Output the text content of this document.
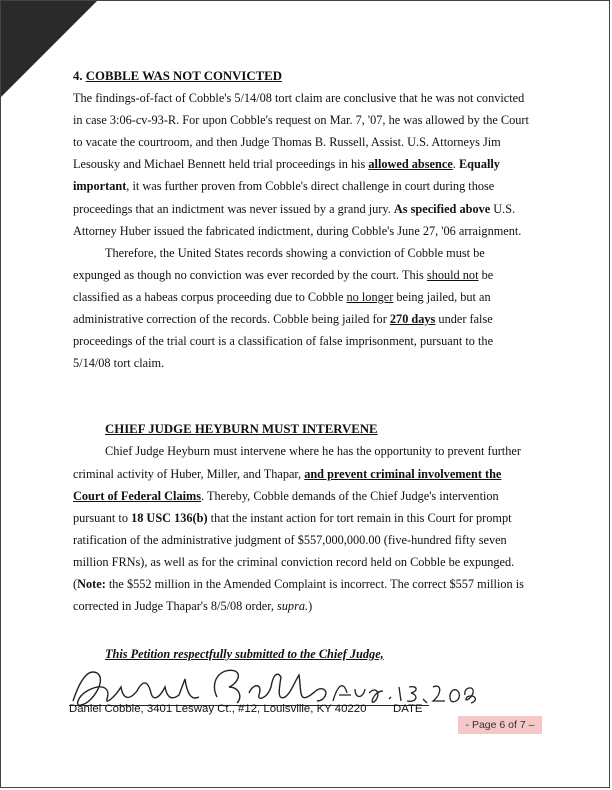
4. COBBLE WAS NOT CONVICTED

The findings-of-fact of Cobble's 5/14/08 tort claim are conclusive that he was not convicted in case 3:06-cv-93-R. For upon Cobble's request on Mar. 7, '07, he was allowed by the Court to vacate the courtroom, and then Judge Thomas B. Russell, Assist. U.S. Attorneys Jim Lesousky and Michael Bennett held trial proceedings in his allowed absence. Equally important, it was further proven from Cobble's direct challenge in court during those proceedings that an indictment was never issued by a grand jury. As specified above U.S. Attorney Huber issued the fabricated indictment, during Cobble's June 27, '06 arraignment.

Therefore, the United States records showing a conviction of Cobble must be expunged as though no conviction was ever recorded by the court. This should not be classified as a habeas corpus proceeding due to Cobble no longer being jailed, but an administrative correction of the records. Cobble being jailed for 270 days under false proceedings of the trial court is a classification of false imprisonment, pursuant to the 5/14/08 tort claim.

CHIEF JUDGE HEYBURN MUST INTERVENE

Chief Judge Heyburn must intervene where he has the opportunity to prevent further criminal activity of Huber, Miller, and Thapar, and prevent criminal involvement the Court of Federal Claims. Thereby, Cobble demands of the Chief Judge's intervention pursuant to 18 USC 136(b) that the instant action for tort remain in this Court for prompt ratification of the administrative judgment of $557,000,000.00 (five-hundred fifty seven million FRNs), as well as for the criminal conviction record held on Cobble be expunged. (Note: the $552 million in the Amended Complaint is incorrect. The correct $557 million is corrected in Judge Thapar's 8/5/08 order, supra.)

This Petition respectfully submitted to the Chief Judge,
Daniel Cobble, 3401 Lesway Ct., #12, Louisville, KY 40220 DATE
- Page 6 of 7 –
